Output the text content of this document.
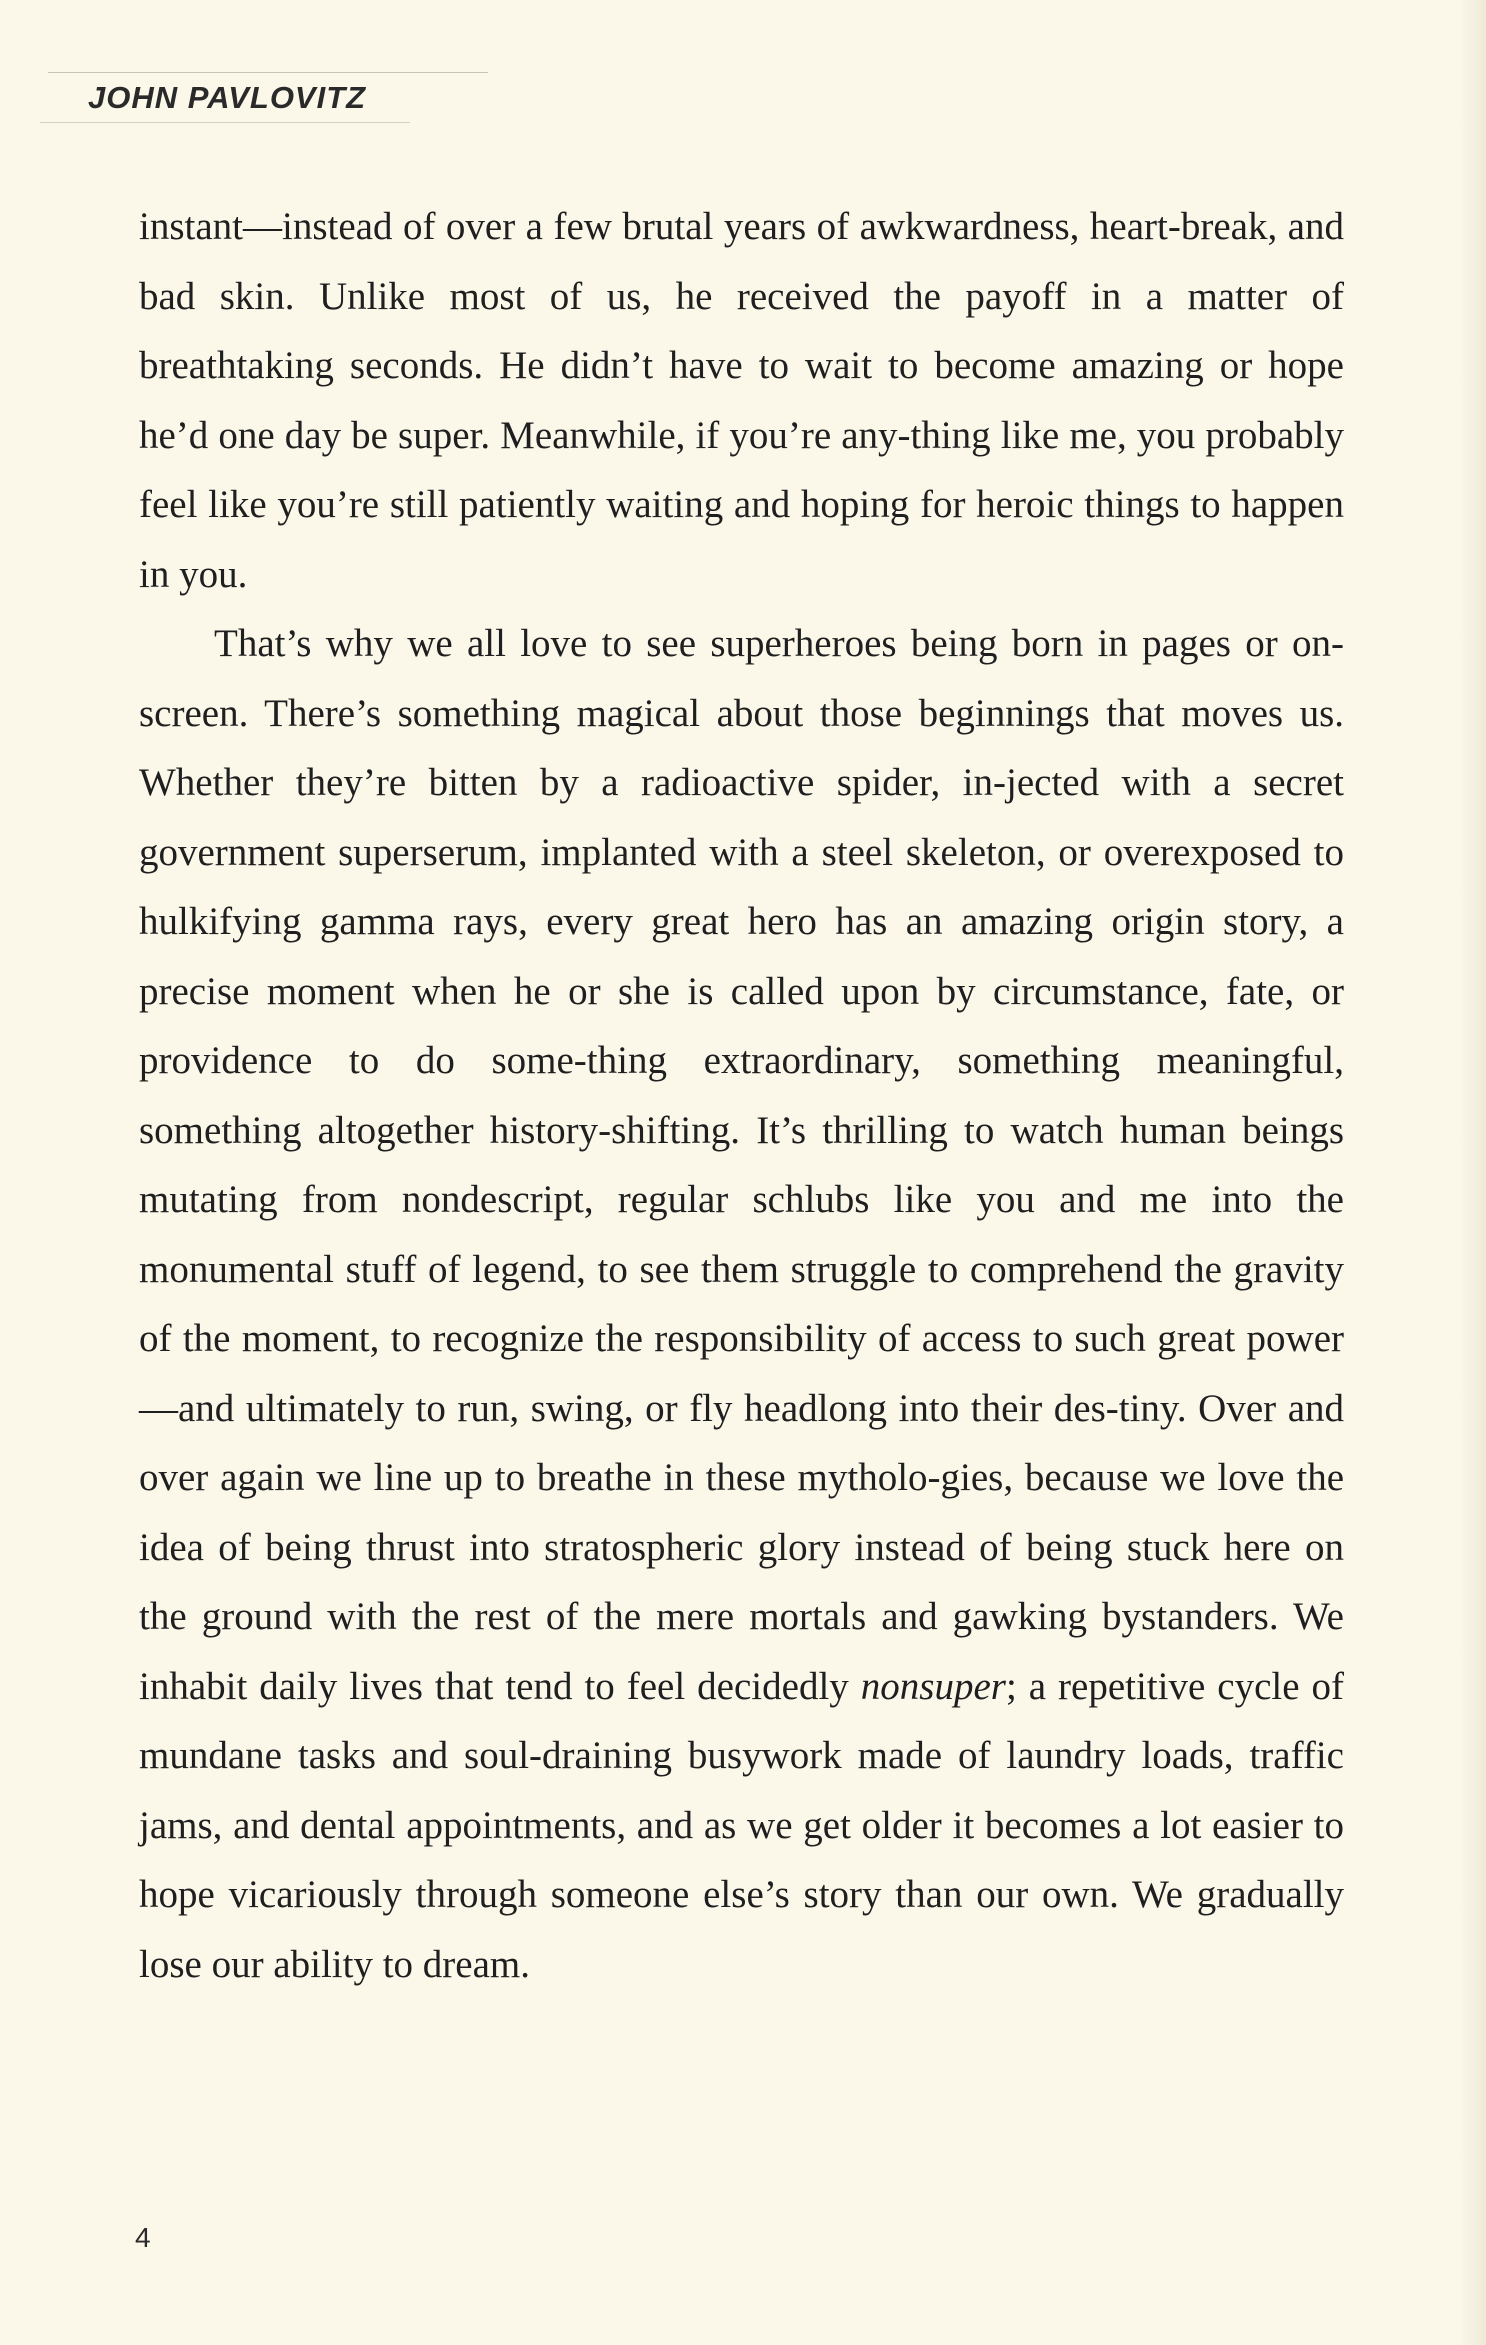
JOHN PAVLOVITZ

instant—instead of over a few brutal years of awkwardness, heart-break, and bad skin. Unlike most of us, he received the payoff in a matter of breathtaking seconds. He didn’t have to wait to become amazing or hope he’d one day be super. Meanwhile, if you’re any-thing like me, you probably feel like you’re still patiently waiting and hoping for heroic things to happen in you.

That’s why we all love to see superheroes being born in pages or on-screen. There’s something magical about those beginnings that moves us. Whether they’re bitten by a radioactive spider, in-jected with a secret government superserum, implanted with a steel skeleton, or overexposed to hulkifying gamma rays, every great hero has an amazing origin story, a precise moment when he or she is called upon by circumstance, fate, or providence to do some-thing extraordinary, something meaningful, something altogether history-shifting. It’s thrilling to watch human beings mutating from nondescript, regular schlubs like you and me into the monumental stuff of legend, to see them struggle to comprehend the gravity of the moment, to recognize the responsibility of access to such great power—and ultimately to run, swing, or fly headlong into their des-tiny. Over and over again we line up to breathe in these mytholo-gies, because we love the idea of being thrust into stratospheric glory instead of being stuck here on the ground with the rest of the mere mortals and gawking bystanders. We inhabit daily lives that tend to feel decidedly nonsuper; a repetitive cycle of mundane tasks and soul-draining busywork made of laundry loads, traffic jams, and dental appointments, and as we get older it becomes a lot easier to hope vicariously through someone else’s story than our own. We gradually lose our ability to dream.

4
